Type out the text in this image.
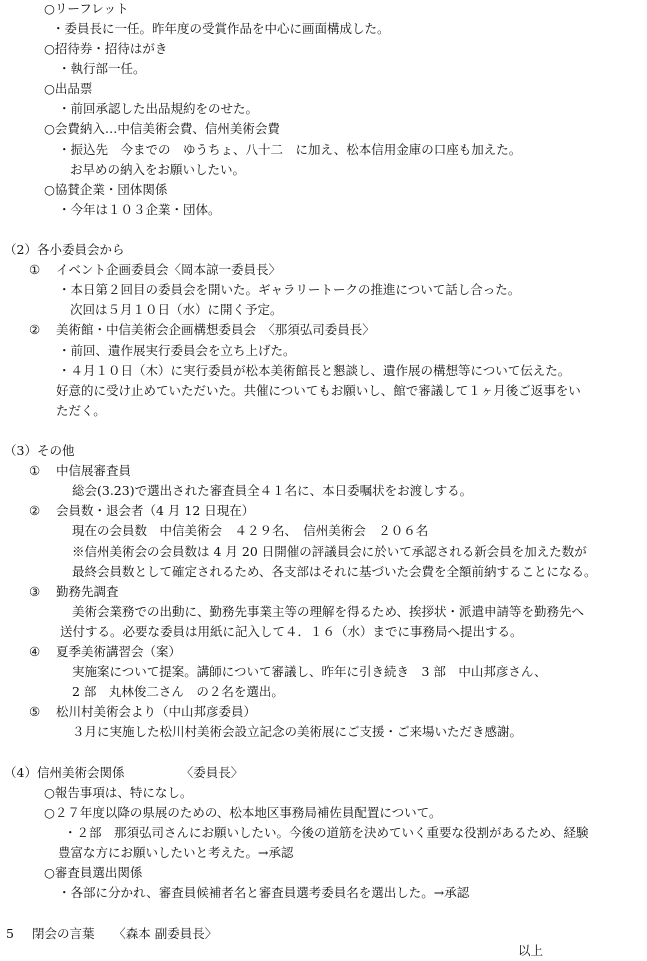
○リーフレット
・委員長に一任。昨年度の受賞作品を中心に画面構成した。
○招待券・招待はがき
・執行部一任。
○出品票
・前回承認した出品規約をのせた。
○会費納入…中信美術会費、信州美術会費
・振込先　今までの　ゆうちょ、八十二　に加え、松本信用金庫の口座も加えた。
お早めの納入をお願いしたい。
○協賛企業・団体関係
・今年は１０３企業・団体。
（2）各小委員会から
① イベント企画委員会〈岡本諒一委員長〉
・本日第２回目の委員会を開いた。ギャラリートークの推進について話し合った。
次回は５月１０日（水）に開く予定。
② 美術館・中信美術会企画構想委員会　〈那須弘司委員長〉
・前回、遺作展実行委員会を立ち上げた。
・４月１０日（木）に実行委員が松本美術館長と懇談し、遺作展の構想等について伝えた。
好意的に受け止めていただいた。共催についてもお願いし、館で審議して１ヶ月後ご返事をい
ただく。
（3）その他
① 中信展審査員
総会(3.23)で選出された審査員全４１名に、本日委嘱状をお渡しする。
② 会員数・退会者（4 月 12 日現在）
現在の会員数　中信美術会　４２９名、　信州美術会　２０６名
※信州美術会の会員数は 4 月 20 日開催の評議員会に於いて承認される新会員を加えた数が
最終会員数として確定されるため、各支部はそれに基づいた会費を全額前納することになる。
③ 勤務先調査
美術会業務での出動に、勤務先事業主等の理解を得るため、挨拶状・派遣申請等を勤務先へ
送付する。必要な委員は用紙に記入して４．１６（水）までに事務局へ提出する。
④ 夏季美術講習会（案）
実施案について提案。講師について審議し、昨年に引き続き　3 部　中山邦彦さん、
2 部　丸林俊二さん　の２名を選出。
⑤ 松川村美術会より（中山邦彦委員）
３月に実施した松川村美術会設立記念の美術展にご支援・ご来場いただき感謝。
（4）信州美術会関係　　　　　〈委員長〉
○報告事項は、特になし。
○２７年度以降の県展のための、松本地区事務局補佐員配置について。
・２部　那須弘司さんにお願いしたい。今後の道筋を決めていく重要な役割があるため、経験
豊富な方にお願いしたいと考えた。→承認
○審査員選出関係
・各部に分かれ、審査員候補者名と審査員選考委員名を選出した。→承認
5 閉会の言葉　　〈森本 副委員長〉
以上
